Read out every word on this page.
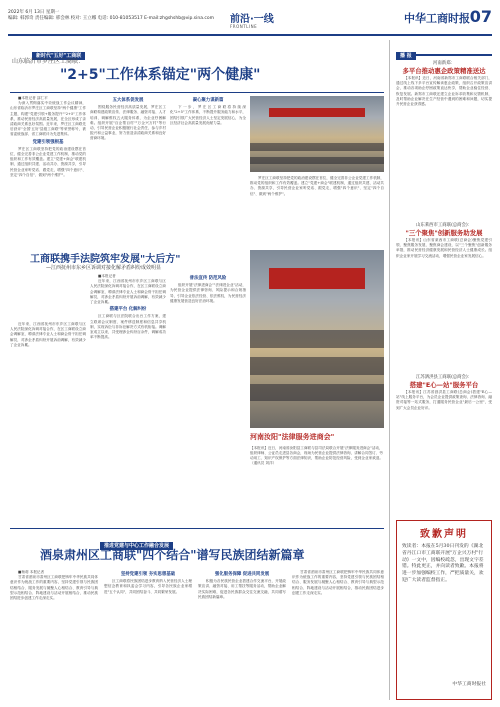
2022年 6月 13日 星期一
编辑: 韩郭奇 责任编辑: 邢会林 校对: 王立娜 电话: 010-81053517 E-mail:zhgshshb@vip.sina.com	前沿·一线
FRONTLINE
中华工商时报 07
新时代"五好"工商联
山东临沂市罗庄区工商联：
"2+5"工作体系锚定"两个健康"

■本报记者 邵仁平

为深入贯彻落实中央统战工作会议精神，山东省临沂市罗庄区工商联坚持"两个健康"工作主题，构建"党建引领+服务提升""2+5"工作体系，推动民营经济高质量发展，在全区形成了亲清政商关系良好氛围。近年来，罗庄区工商联先后获评"全国'五好'县级工商联"等荣誉称号，被省委统战部、省工商联评为先进集体。

党建引领强根基

罗庄区工商联坚持把党的政治建设摆在首位，健全完善非公企业党建工作机制，推动党的组织和工作有效覆盖。建立"党建+商会"联建机制，通过组织共建、活动共办、资源共享，引导民营企业家听党话、跟党走，增强"四个意识"、坚定"四个自信"、做到"两个维护"。

五大体系促发展

围绕服务民营经济高质量发展，罗庄区工商联构建政策宣传、法律服务、融资对接、人才培训、调解维权五大服务体系，为企业纾困解难。组织开展"百企帮百村""万企兴万村"等行动，引导民营企业积极履行社会责任，参与乡村振兴和公益事业，努力营造亲清政商关系和良好营商环境。

凝心聚力谋新篇

下一步，罗庄区工商联将持续深化"2+5"工作体系，不断提升服务能力和水平，团结引领广大民营经济人士坚定发展信心，为全区经济社会高质量发展贡献力量。

罗庄区工商联坚持把党的政治建设摆在首位，健全完善非公企业党建工作机制，推动党的组织和工作有效覆盖。建立"党建+商会"联建机制，通过组织共建、活动共办、资源共享，引导民营企业家听党话、跟党走，增强"四个意识"、坚定"四个自信"、做到"两个维护"。

工商联携手法院筑牢发展"大后方"
—江西抚州市东乡区诉调对接化解矛盾纠纷成效明显

■本报记者

近年来，江西省抚州市东乡区工商联与区人民法院深化诉调对接合作，在区工商联设立商会调解室，聘请法律专业人士和商会骨干担任调解员，对涉企矛盾纠纷开展诉前调解，有效减少了企业诉累。

搭建平台 化解纠纷

区工商联与区法院联合出台工作方案，建立联席会议制度、案件移送制度和信息共享机制，实现诉讼与非诉讼解决方式有机衔接。调解室成立以来，共受理涉企纠纷百余件，调解成功率不断提高。

普法宣传 防范风险

组织开展"法律进商会""法律进企业"活动，为民营企业提供法律咨询、风险提示和合规指导，引导企业依法经营、依法维权，为民营经济健康发展营造良好法治环境。

近年来，江西省抚州市东乡区工商联与区人民法院深化诉调对接合作，在区工商联设立商会调解室，聘请法律专业人士和商会骨干担任调解员，对涉企矛盾纠纷开展诉前调解，有效减少了企业诉累。

河南汝阳"法律服务进商会"
【本报讯】近日，河南省汝阳县工商联与县司法局联合开展"法律服务进商会"活动，组织律师、公证员走进县各商会，现场为民营企业提供法律咨询，讲解合同签订、劳动用工、知识产权保护等方面法律知识，帮助企业防范经营风险，受到企业家欢迎。（通讯员 刘洋）
推进党建与中心工作融合发展
酒泉肃州区工商联"四个结合"谱写民族团结新篇章

■杨莉 本报记者

甘肃省酒泉市肃州区工商联把铸牢中华民族共同体意识作为统战工作的重要内容，坚持党建引领与民族团结相结合、服务发展与凝聚人心相结合、教育引导与典型示范相结合、阵地建设与活动开展相结合，推动民族团结进步创建工作走深走实。

坚持党建引领 夯实思想基础

区工商联将民族团结进步教育纳入民营经济人士理想信念教育和执委会学习内容，引导各民族企业家增进"五个认同"，共同团结奋斗、共同繁荣发展。

强化服务保障 促进共同发展

积极为各民族民营企业搭建合作交流平台，开展政策宣讲、融资对接、用工帮扶等服务活动，帮助企业解决实际困难，促进各民族群众交往交流交融，共同谱写民族团结新篇章。

甘肃省酒泉市肃州区工商联把铸牢中华民族共同体意识作为统战工作的重要内容，坚持党建引领与民族团结相结合、服务发展与凝聚人心相结合、教育引导与典型示范相结合、阵地建设与活动开展相结合，推动民族团结进步创建工作走深走实。

播 报
河南新郑：
多平台推动惠企政策精准送达

【本报讯】近日，河南省新郑市工商联联合相关部门，通过线上线下多平台宣传解读惠企政策，组织召开政策宣讲会，推动各项助企纾困政策直达快享，帮助企业稳住经营、恢复发展。新郑市工商联还建立企业诉求收集和反馈机制，及时帮助企业解决在生产经营中遇到的困难和问题，切实提升民营企业获得感。

山东莱西市工商联(总商会)：
"三个聚焦"创新服务助发展

【本报讯】山东省莱西市工商联(总商会)聚焦党建引领、聚焦服务发展、聚焦商会建设，以"三个聚焦"创新服务举措，推动民营经济健康发展和民营经济人士健康成长。组织企业家开展学习交流活动，增强民营企业家发展信心。

江苏泗洪县工商联(总商会)：
搭建"E心—站"服务平台

【本报讯】江苏省泗洪县工商联(总商会)搭建"E心—站"线上服务平台，为会员企业提供政策查询、法律咨询、融资对接等一站式服务，打通服务民营企业"最后一公里"，受到广大会员企业好评。

致歉声明
致读者：本报在5月30日刊发的《湖北省丹江口市工商联开展"万企兴万村"行动》一文中，因编校疏忽，出现文字差错。特此更正，并向读者致歉。本报将进一步加强编校工作，严把质量关，欢迎广大读者监督指正。
中华工商时报社
